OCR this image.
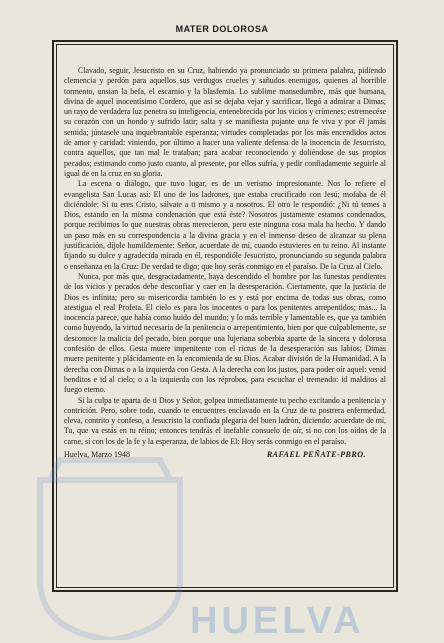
MATER DOLOROSA

Clavado, seguir, Jesucristo en su Cruz, habiendo ya pronunciado su primera palabra, pidiendo clemencia y perdón para aquellos sus verdugos crueles y sañudos enemigos, quienes al horrible tormento, unsian la befa, el escarnio y la blasfemia. Lo sublime mansedumbre, más que humana, divina de aquel inocentísimo Cordero, que así se dejaba vejar y sacrificar, llegó a admirar a Dimas; un rayo de verdadera luz penetra su inteligencia, entenebrecida por los vicios y crímenes; estremecése su corazón con un hondo y sufrido latir; salta y se manifiesta pujante una fe viva y por él jamás sentida; júntasele una inquebrantable esperanza; virtudes completadas por los más encendidos actos de amor y caridad: viniendo, por último a hacer una valiente defensa de la inocencia de Jesucristo, contra aquellos, que tan mal le trataban; para acabar reconociendo y doliéndose de sus propios pecados; estimando como justo cuanto, al presente, por ellos sufría, y pedir confiadamente seguirle al igual de en la cruz en su gloria.

La escena o diálogo, que tuvo lugar, es de un verismo impresionante. Nos lo refiere el evangelista San Lucas así: El uno de los ladrones, que estaba crucificado con Jesú; mofaba de él diciéndole: Si tu eres Cristo, sálvate a ti mismo y a nosotros. El otro le respondió: ¿Ni tú temes a Dios, estando en la misma condenación que está éste? Nosotros justamente estamos condenados, porque recibimos lo que nuestras obras merecieron, pero este ninguna cosa mala ha hecho. Y dando un paso más en su correspondencia a la divina gracia y en el inmenso deseo de alcanzar su plena justificación, díjole humildemente: Señor, acuerdate de mí, cuando estuvieres en tu reino. Al instante fijando su dulce y agradecida mirada en él, respondióle Jesucristo, pronunciando su segunda palabra o enseñanza en la Cruz: De verdad te digo; que hoy serás conmigo en el paraíso. De la Cruz al Cielo.

Nunca, por más que, desgraciadamente, haya descendido el hombre por las funestas pendientes de los vicios y pecados debe desconfiar y caer en la desesperación. Ciertamente, que la justicia de Dios es infinita; pero su misericordia también lo es y está por encima de todas sus obras, como atestigua el real Profeta. El cielo es para los inocentes o para los penitentes arrepentidos; mas... la inocencia parece, que había como huido del mundo; y lo más terrible y lamentable es, que ya también como huyendo, la virtud necesaria de la penitencia o arrepentimiento, bien por que culpablemente, se desconoce la malicia del pecado, bien porque una lujeriana soberbia aparte de la sincera y dolorosa confesión de ellos. Gesta muere impenitente con el rictus de la desesperación sus labios; Dimas muere penitente y plácidamente en la encomienda de su Dios. Acabar división de la Humanidad. A la derecha con Dimas o a la izquierda con Gesta. A la derecha con los justos, para poder oír aquel: venid benditos e id al cielo; o a la izquierda con los réprobos, para escuchar el tremendo: id malditos al fuego eterno.

Si la culpa te aparta de ti Dios y Señor, golpea inmediatamente tu pecho excitando a penitencia y contrición. Pero, sobre todo, cuando te encuentres enclavado en la Cruz de tu postrera enfermedad, eleva, contrito y confeso, a Jesucristo la confiada plegaria del buen ladrón, diciendo: acuerdate de mí, Tu, que va estás en tu réino; entonces tendrás el inefable consuelo de oír, si no con los oídos de la carne, sí con los de la fe y la esperanza, de labios de El: Hoy serás conmigo en el paraíso.

Huelva, Marzo 1948	RAFAEL PEÑATE-PBRO.
HUELVA
